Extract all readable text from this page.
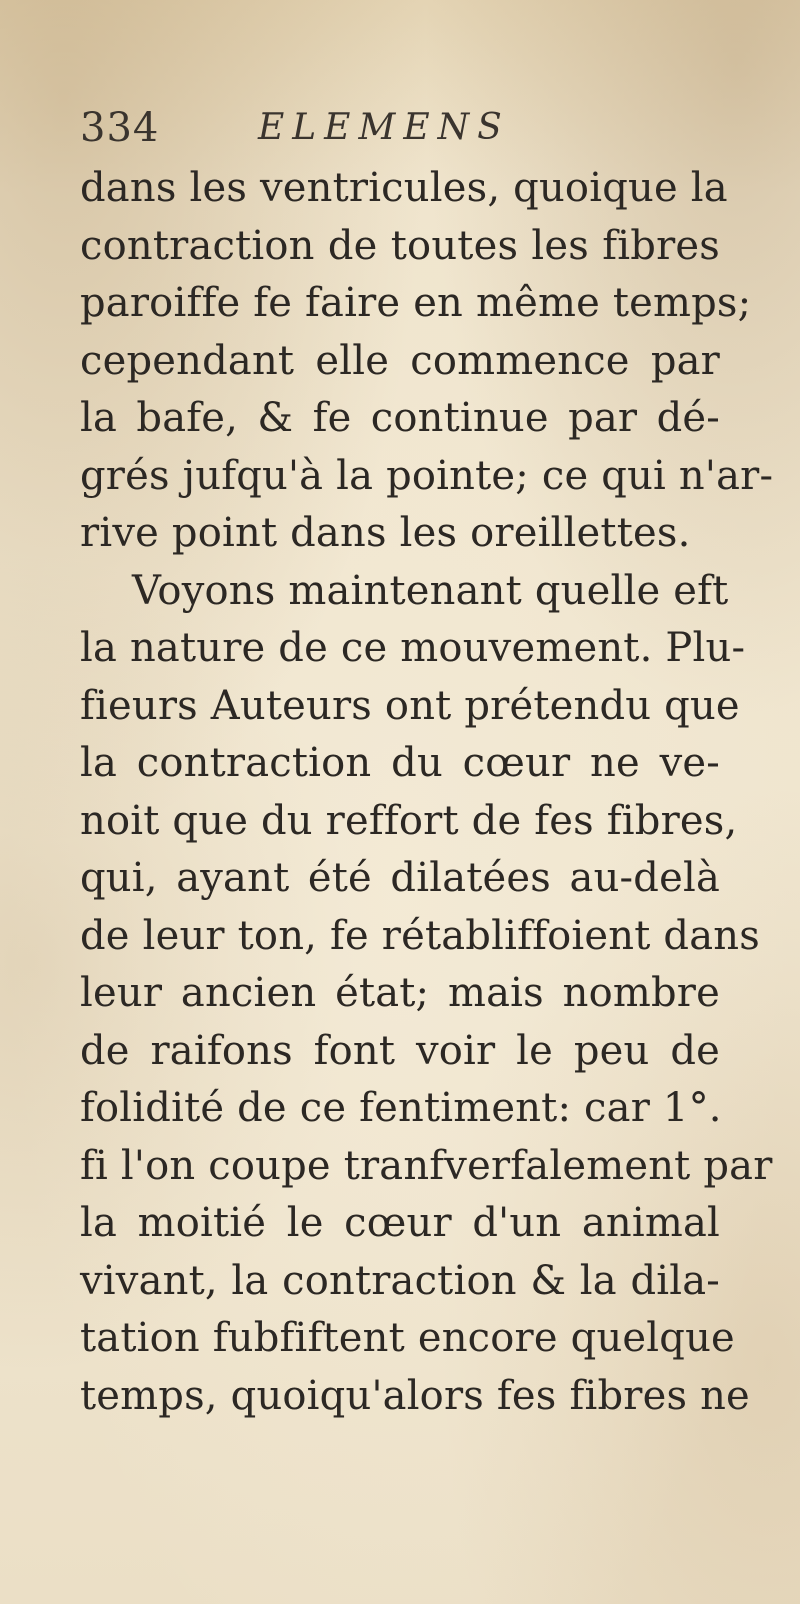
334	ELEMENS
dans les ventricules, quoique la
contraction de toutes les fibres
paroiffe fe faire en même temps;
cependant elle commence par
la bafe, & fe continue par dé-
grés jufqu'à la pointe; ce qui n'ar-
rive point dans les oreillettes.
Voyons maintenant quelle eft
la nature de ce mouvement. Plu-
fieurs Auteurs ont prétendu que
la contraction du cœur ne ve-
noit que du reffort de fes fibres,
qui, ayant été dilatées au-delà
de leur ton, fe rétabliffoient dans
leur ancien état; mais nombre
de raifons font voir le peu de
folidité de ce fentiment: car 1°.
fi l'on coupe tranfverfalement par
la moitié le cœur d'un animal
vivant, la contraction & la dila-
tation fubfiftent encore quelque
temps, quoiqu'alors fes fibres ne
